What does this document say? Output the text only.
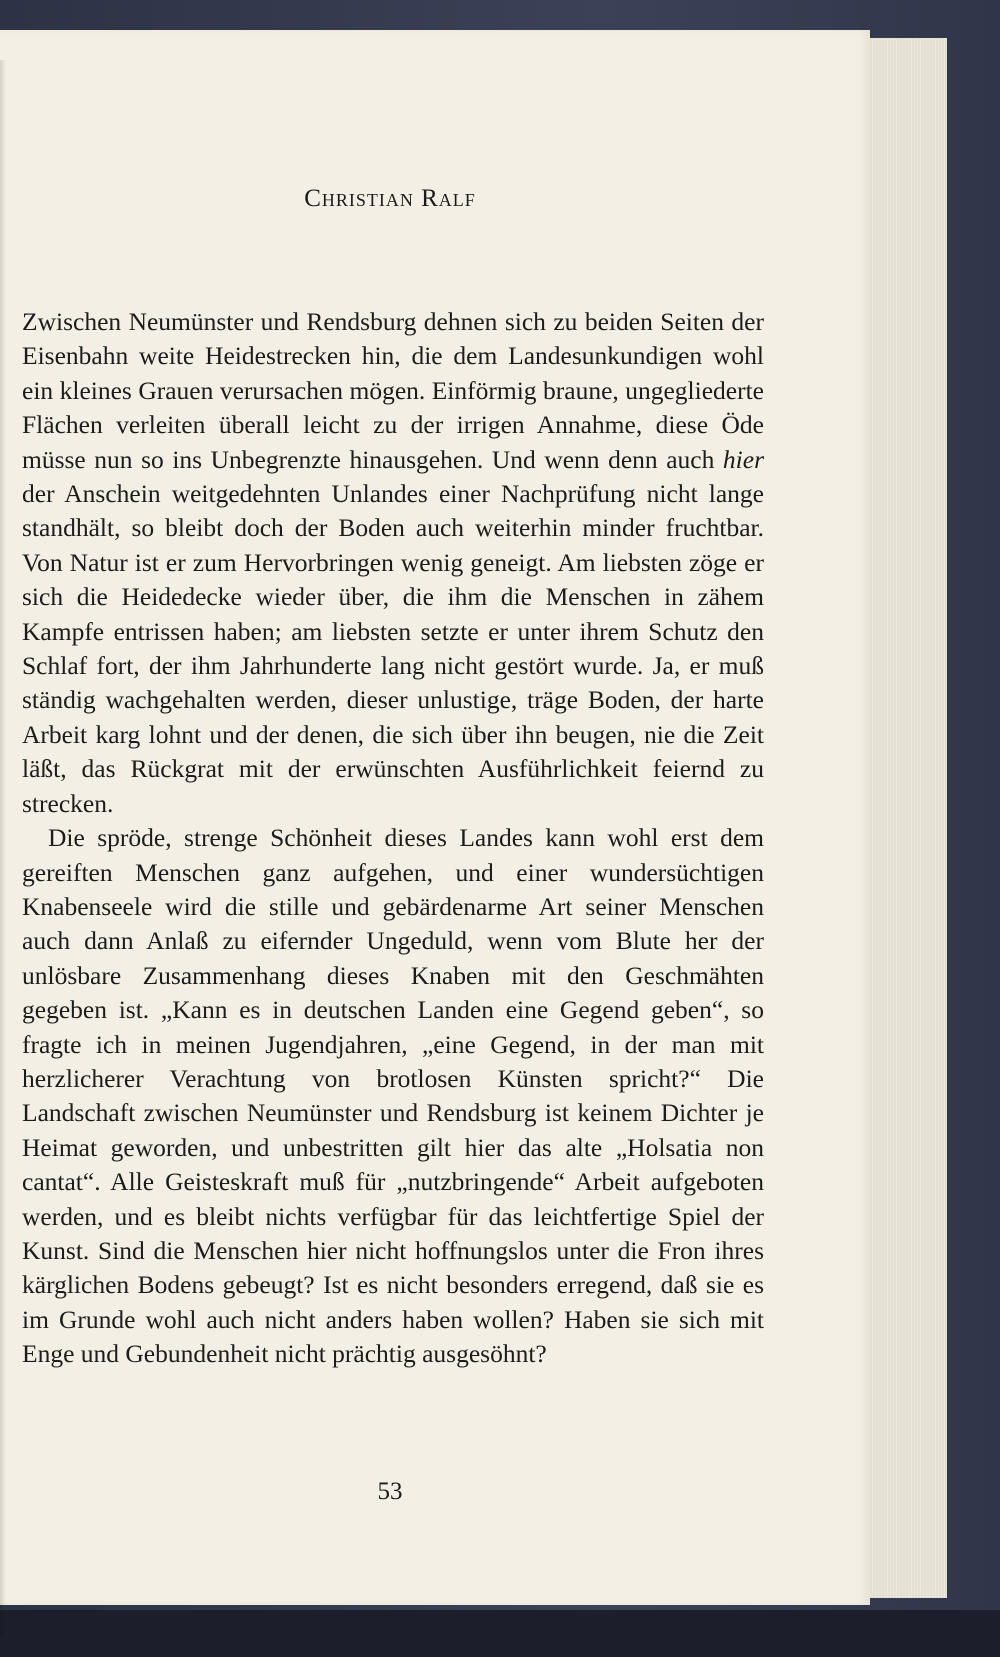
Christian Ralf

Zwischen Neumünster und Rendsburg dehnen sich zu beiden Seiten der Eisenbahn weite Heidestrecken hin, die dem Landesunkundigen wohl ein kleines Grauen verursachen mögen. Einförmig braune, ungegliederte Flächen verleiten überall leicht zu der irrigen Annahme, diese Öde müsse nun so ins Unbegrenzte hinausgehen. Und wenn denn auch hier der Anschein weitgedehnten Unlandes einer Nachprüfung nicht lange standhält, so bleibt doch der Boden auch weiterhin minder fruchtbar. Von Natur ist er zum Hervorbringen wenig geneigt. Am liebsten zöge er sich die Heidedecke wieder über, die ihm die Menschen in zähem Kampfe entrissen haben; am liebsten setzte er unter ihrem Schutz den Schlaf fort, der ihm Jahrhunderte lang nicht gestört wurde. Ja, er muß ständig wachgehalten werden, dieser unlustige, träge Boden, der harte Arbeit karg lohnt und der denen, die sich über ihn beugen, nie die Zeit läßt, das Rückgrat mit der erwünschten Ausführlichkeit feiernd zu strecken.

Die spröde, strenge Schönheit dieses Landes kann wohl erst dem gereiften Menschen ganz aufgehen, und einer wundersüchtigen Knabenseele wird die stille und gebärdenarme Art seiner Menschen auch dann Anlaß zu eifernder Ungeduld, wenn vom Blute her der unlösbare Zusammenhang dieses Knaben mit den Geschmähten gegeben ist. „Kann es in deutschen Landen eine Gegend geben“, so fragte ich in meinen Jugendjahren, „eine Gegend, in der man mit herzlicherer Verachtung von brotlosen Künsten spricht?“ Die Landschaft zwischen Neumünster und Rendsburg ist keinem Dichter je Heimat geworden, und unbestritten gilt hier das alte „Holsatia non cantat“. Alle Geisteskraft muß für „nutzbringende“ Arbeit aufgeboten werden, und es bleibt nichts verfügbar für das leichtfertige Spiel der Kunst. Sind die Menschen hier nicht hoffnungslos unter die Fron ihres kärglichen Bodens gebeugt? Ist es nicht besonders erregend, daß sie es im Grunde wohl auch nicht anders haben wollen? Haben sie sich mit Enge und Gebundenheit nicht prächtig ausgesöhnt?

53
